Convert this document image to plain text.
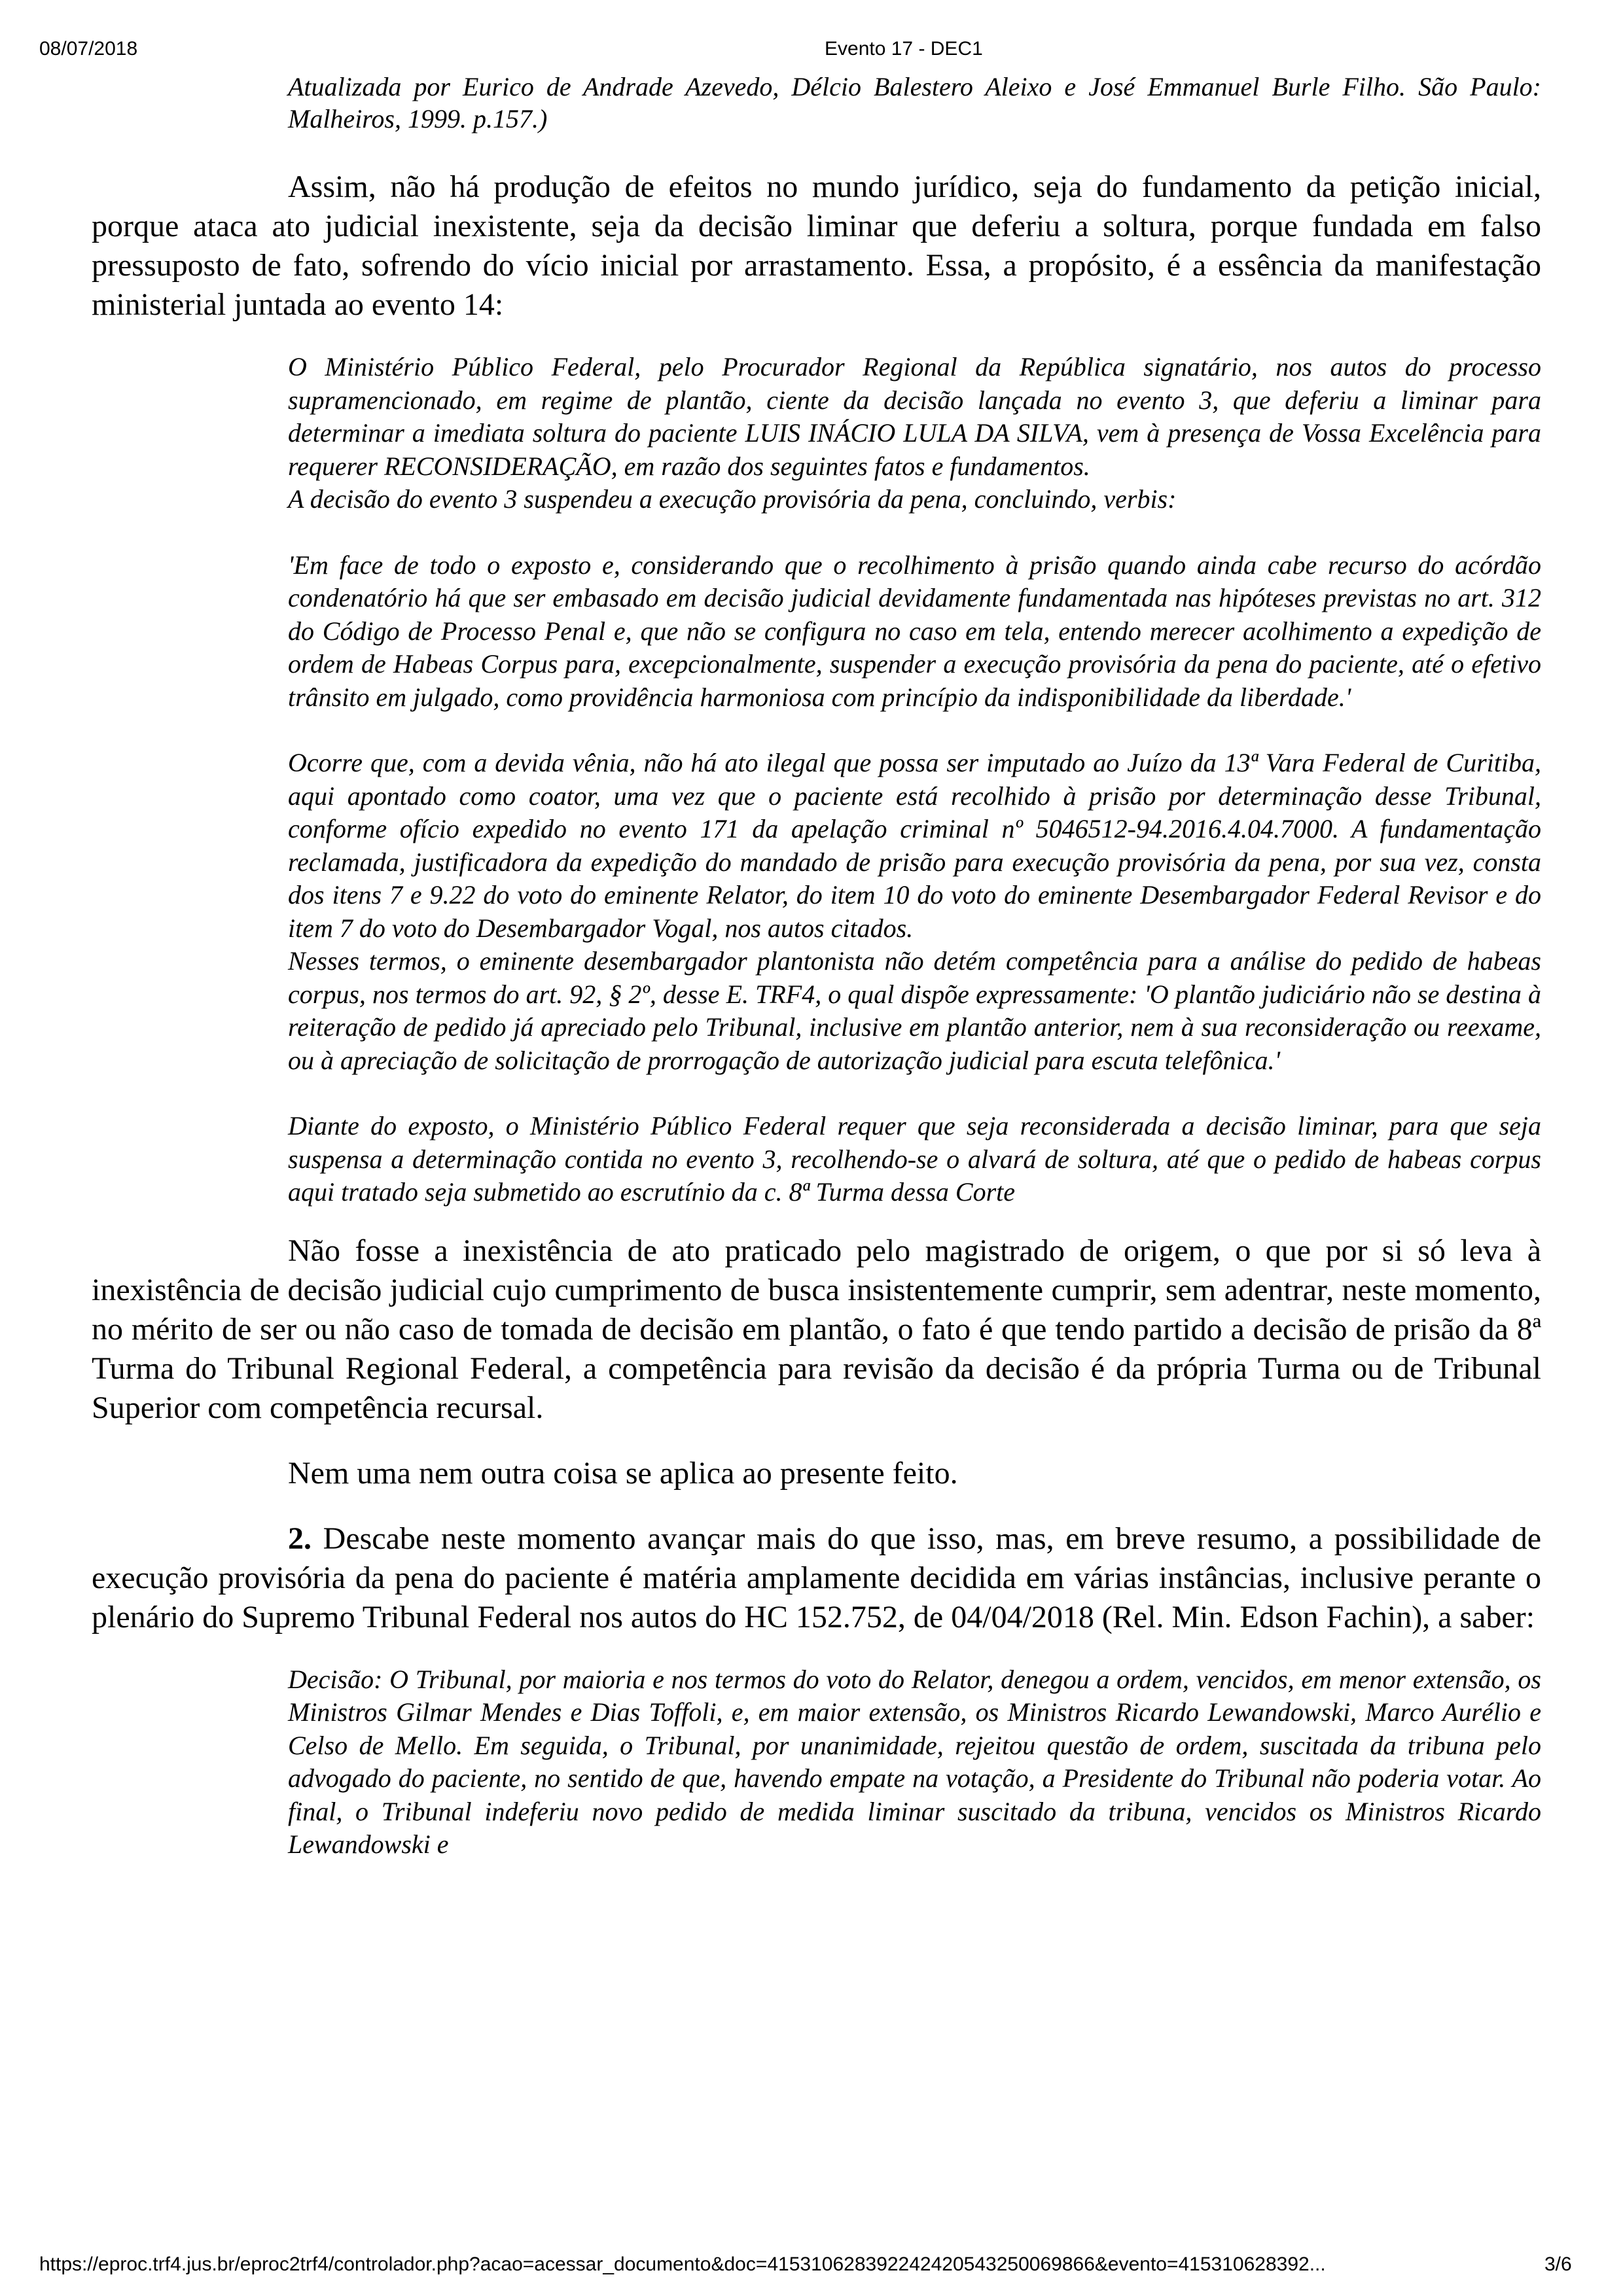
08/07/2018	Evento 17 - DEC1

Atualizada por Eurico de Andrade Azevedo, Délcio Balestero Aleixo e José Emmanuel Burle Filho. São Paulo: Malheiros, 1999. p.157.)

Assim, não há produção de efeitos no mundo jurídico, seja do fundamento da petição inicial, porque ataca ato judicial inexistente, seja da decisão liminar que deferiu a soltura, porque fundada em falso pressuposto de fato, sofrendo do vício inicial por arrastamento. Essa, a propósito, é a essência da manifestação ministerial juntada ao evento 14:

O Ministério Público Federal, pelo Procurador Regional da República signatário, nos autos do processo supramencionado, em regime de plantão, ciente da decisão lançada no evento 3, que deferiu a liminar para determinar a imediata soltura do paciente LUIS INÁCIO LULA DA SILVA, vem à presença de Vossa Excelência para requerer RECONSIDERAÇÃO, em razão dos seguintes fatos e fundamentos.

A decisão do evento 3 suspendeu a execução provisória da pena, concluindo, verbis:

'Em face de todo o exposto e, considerando que o recolhimento à prisão quando ainda cabe recurso do acórdão condenatório há que ser embasado em decisão judicial devidamente fundamentada nas hipóteses previstas no art. 312 do Código de Processo Penal e, que não se configura no caso em tela, entendo merecer acolhimento a expedição de ordem de Habeas Corpus para, excepcionalmente, suspender a execução provisória da pena do paciente, até o efetivo trânsito em julgado, como providência harmoniosa com princípio da indisponibilidade da liberdade.'

Ocorre que, com a devida vênia, não há ato ilegal que possa ser imputado ao Juízo da 13ª Vara Federal de Curitiba, aqui apontado como coator, uma vez que o paciente está recolhido à prisão por determinação desse Tribunal, conforme ofício expedido no evento 171 da apelação criminal nº 5046512-94.2016.4.04.7000. A fundamentação reclamada, justificadora da expedição do mandado de prisão para execução provisória da pena, por sua vez, consta dos itens 7 e 9.22 do voto do eminente Relator, do item 10 do voto do eminente Desembargador Federal Revisor e do item 7 do voto do Desembargador Vogal, nos autos citados.

Nesses termos, o eminente desembargador plantonista não detém competência para a análise do pedido de habeas corpus, nos termos do art. 92, § 2º, desse E. TRF4, o qual dispõe expressamente: 'O plantão judiciário não se destina à reiteração de pedido já apreciado pelo Tribunal, inclusive em plantão anterior, nem à sua reconsideração ou reexame, ou à apreciação de solicitação de prorrogação de autorização judicial para escuta telefônica.'

Diante do exposto, o Ministério Público Federal requer que seja reconsiderada a decisão liminar, para que seja suspensa a determinação contida no evento 3, recolhendo-se o alvará de soltura, até que o pedido de habeas corpus aqui tratado seja submetido ao escrutínio da c. 8ª Turma dessa Corte

Não fosse a inexistência de ato praticado pelo magistrado de origem, o que por si só leva à inexistência de decisão judicial cujo cumprimento de busca insistentemente cumprir, sem adentrar, neste momento, no mérito de ser ou não caso de tomada de decisão em plantão, o fato é que tendo partido a decisão de prisão da 8ª Turma do Tribunal Regional Federal, a competência para revisão da decisão é da própria Turma ou de Tribunal Superior com competência recursal.

Nem uma nem outra coisa se aplica ao presente feito.

2. Descabe neste momento avançar mais do que isso, mas, em breve resumo, a possibilidade de execução provisória da pena do paciente é matéria amplamente decidida em várias instâncias, inclusive perante o plenário do Supremo Tribunal Federal nos autos do HC 152.752, de 04/04/2018 (Rel. Min. Edson Fachin), a saber:

Decisão: O Tribunal, por maioria e nos termos do voto do Relator, denegou a ordem, vencidos, em menor extensão, os Ministros Gilmar Mendes e Dias Toffoli, e, em maior extensão, os Ministros Ricardo Lewandowski, Marco Aurélio e Celso de Mello. Em seguida, o Tribunal, por unanimidade, rejeitou questão de ordem, suscitada da tribuna pelo advogado do paciente, no sentido de que, havendo empate na votação, a Presidente do Tribunal não poderia votar. Ao final, o Tribunal indeferiu novo pedido de medida liminar suscitado da tribuna, vencidos os Ministros Ricardo Lewandowski e

https://eproc.trf4.jus.br/eproc2trf4/controlador.php?acao=acessar_documento&doc=415310628392242420543250069866&evento=415310628392...	3/6
